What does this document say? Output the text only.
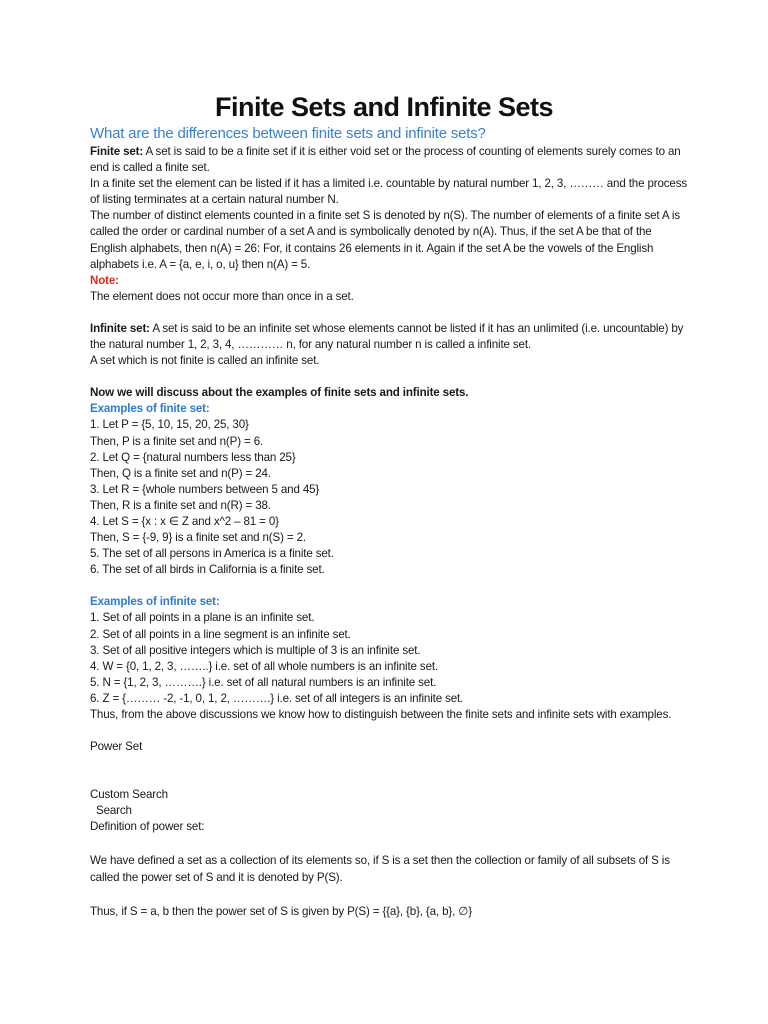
Finite Sets and Infinite Sets

What are the differences between finite sets and infinite sets?

Finite set: A set is said to be a finite set if it is either void set or the process of counting of elements surely comes to an end is called a finite set.

In a finite set the element can be listed if it has a limited i.e. countable by natural number 1, 2, 3, ……… and the process of listing terminates at a certain natural number N.

The number of distinct elements counted in a finite set S is denoted by n(S). The number of elements of a finite set A is called the order or cardinal number of a set A and is symbolically denoted by n(A). Thus, if the set A be that of the English alphabets, then n(A) = 26: For, it contains 26 elements in it. Again if the set A be the vowels of the English alphabets i.e. A = {a, e, i, o, u} then n(A) = 5.

Note:

The element does not occur more than once in a set.

Infinite set: A set is said to be an infinite set whose elements cannot be listed if it has an unlimited (i.e. uncountable) by the natural number 1, 2, 3, 4, ………… n, for any natural number n is called a infinite set.

A set which is not finite is called an infinite set.

Now we will discuss about the examples of finite sets and infinite sets.

Examples of finite set:

1. Let P = {5, 10, 15, 20, 25, 30}

Then, P is a finite set and n(P) = 6.

2. Let Q = {natural numbers less than 25}

Then, Q is a finite set and n(P) = 24.

3. Let R = {whole numbers between 5 and 45}

Then, R is a finite set and n(R) = 38.

4. Let S = {x : x ∈ Z and x^2 – 81 = 0}

Then, S = {-9, 9} is a finite set and n(S) = 2.

5. The set of all persons in America is a finite set.

6. The set of all birds in California is a finite set.

Examples of infinite set:

1. Set of all points in a plane is an infinite set.

2. Set of all points in a line segment is an infinite set.

3. Set of all positive integers which is multiple of 3 is an infinite set.

4. W = {0, 1, 2, 3, ……..} i.e. set of all whole numbers is an infinite set.

5. N = {1, 2, 3, ……….} i.e. set of all natural numbers is an infinite set.

6. Z = {……… -2, -1, 0, 1, 2, ……….} i.e. set of all integers is an infinite set.

Thus, from the above discussions we know how to distinguish between the finite sets and infinite sets with examples.

Power Set

Custom Search

Search

Definition of power set:

We have defined a set as a collection of its elements so, if S is a set then the collection or family of all subsets of S is called the power set of S and it is denoted by P(S).

Thus, if S = a, b then the power set of S is given by P(S) = {{a}, {b}, {a, b}, ∅}
